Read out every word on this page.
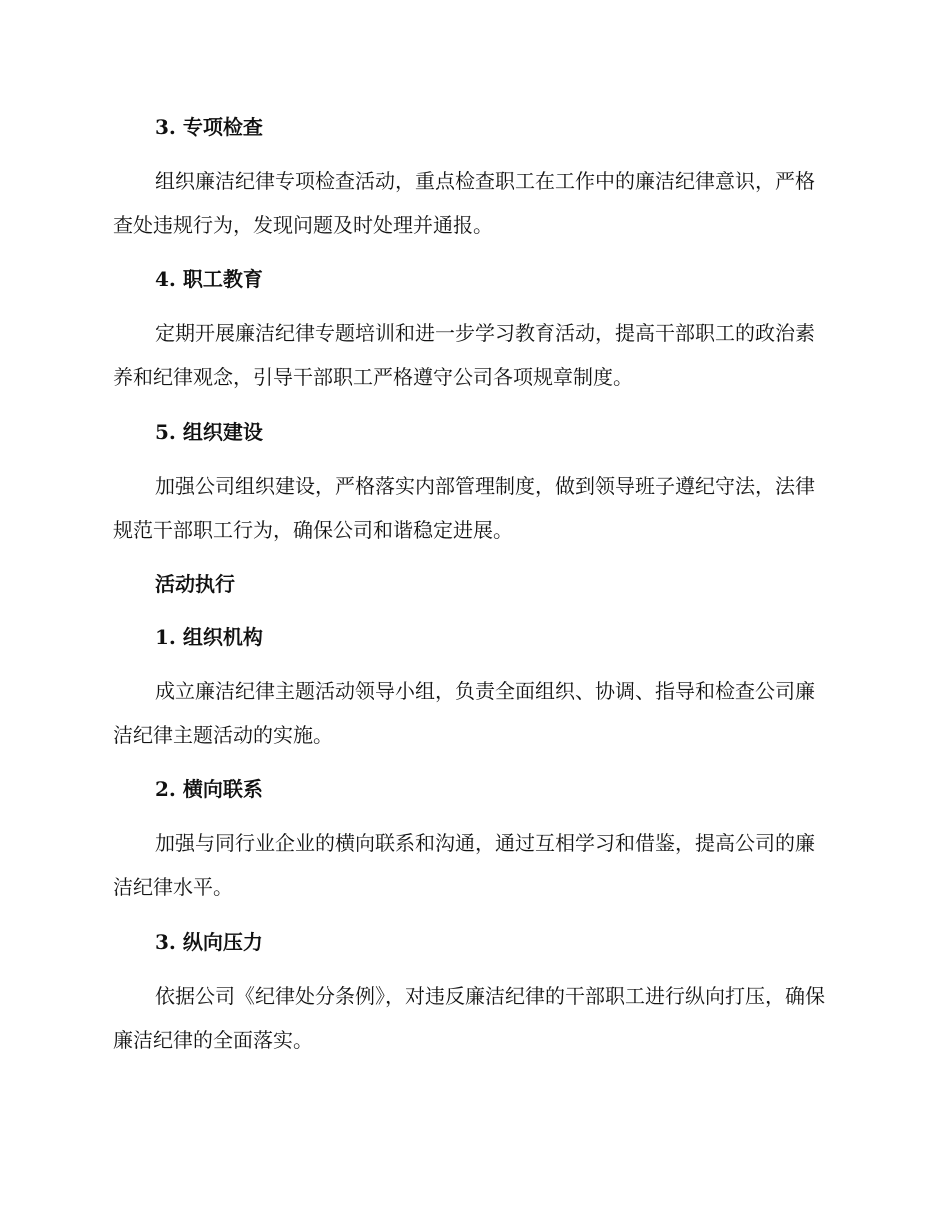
3. 专项检查
组织廉洁纪律专项检查活动，重点检查职工在工作中的廉洁纪律意识，严格查处违规行为，发现问题及时处理并通报。
4. 职工教育
定期开展廉洁纪律专题培训和进一步学习教育活动，提高干部职工的政治素养和纪律观念，引导干部职工严格遵守公司各项规章制度。
5. 组织建设
加强公司组织建设，严格落实内部管理制度，做到领导班子遵纪守法，法律规范干部职工行为，确保公司和谐稳定进展。
活动执行
1. 组织机构
成立廉洁纪律主题活动领导小组，负责全面组织、协调、指导和检查公司廉洁纪律主题活动的实施。
2. 横向联系
加强与同行业企业的横向联系和沟通，通过互相学习和借鉴，提高公司的廉洁纪律水平。
3. 纵向压力
依据公司《纪律处分条例》，对违反廉洁纪律的干部职工进行纵向打压，确保廉洁纪律的全面落实。
